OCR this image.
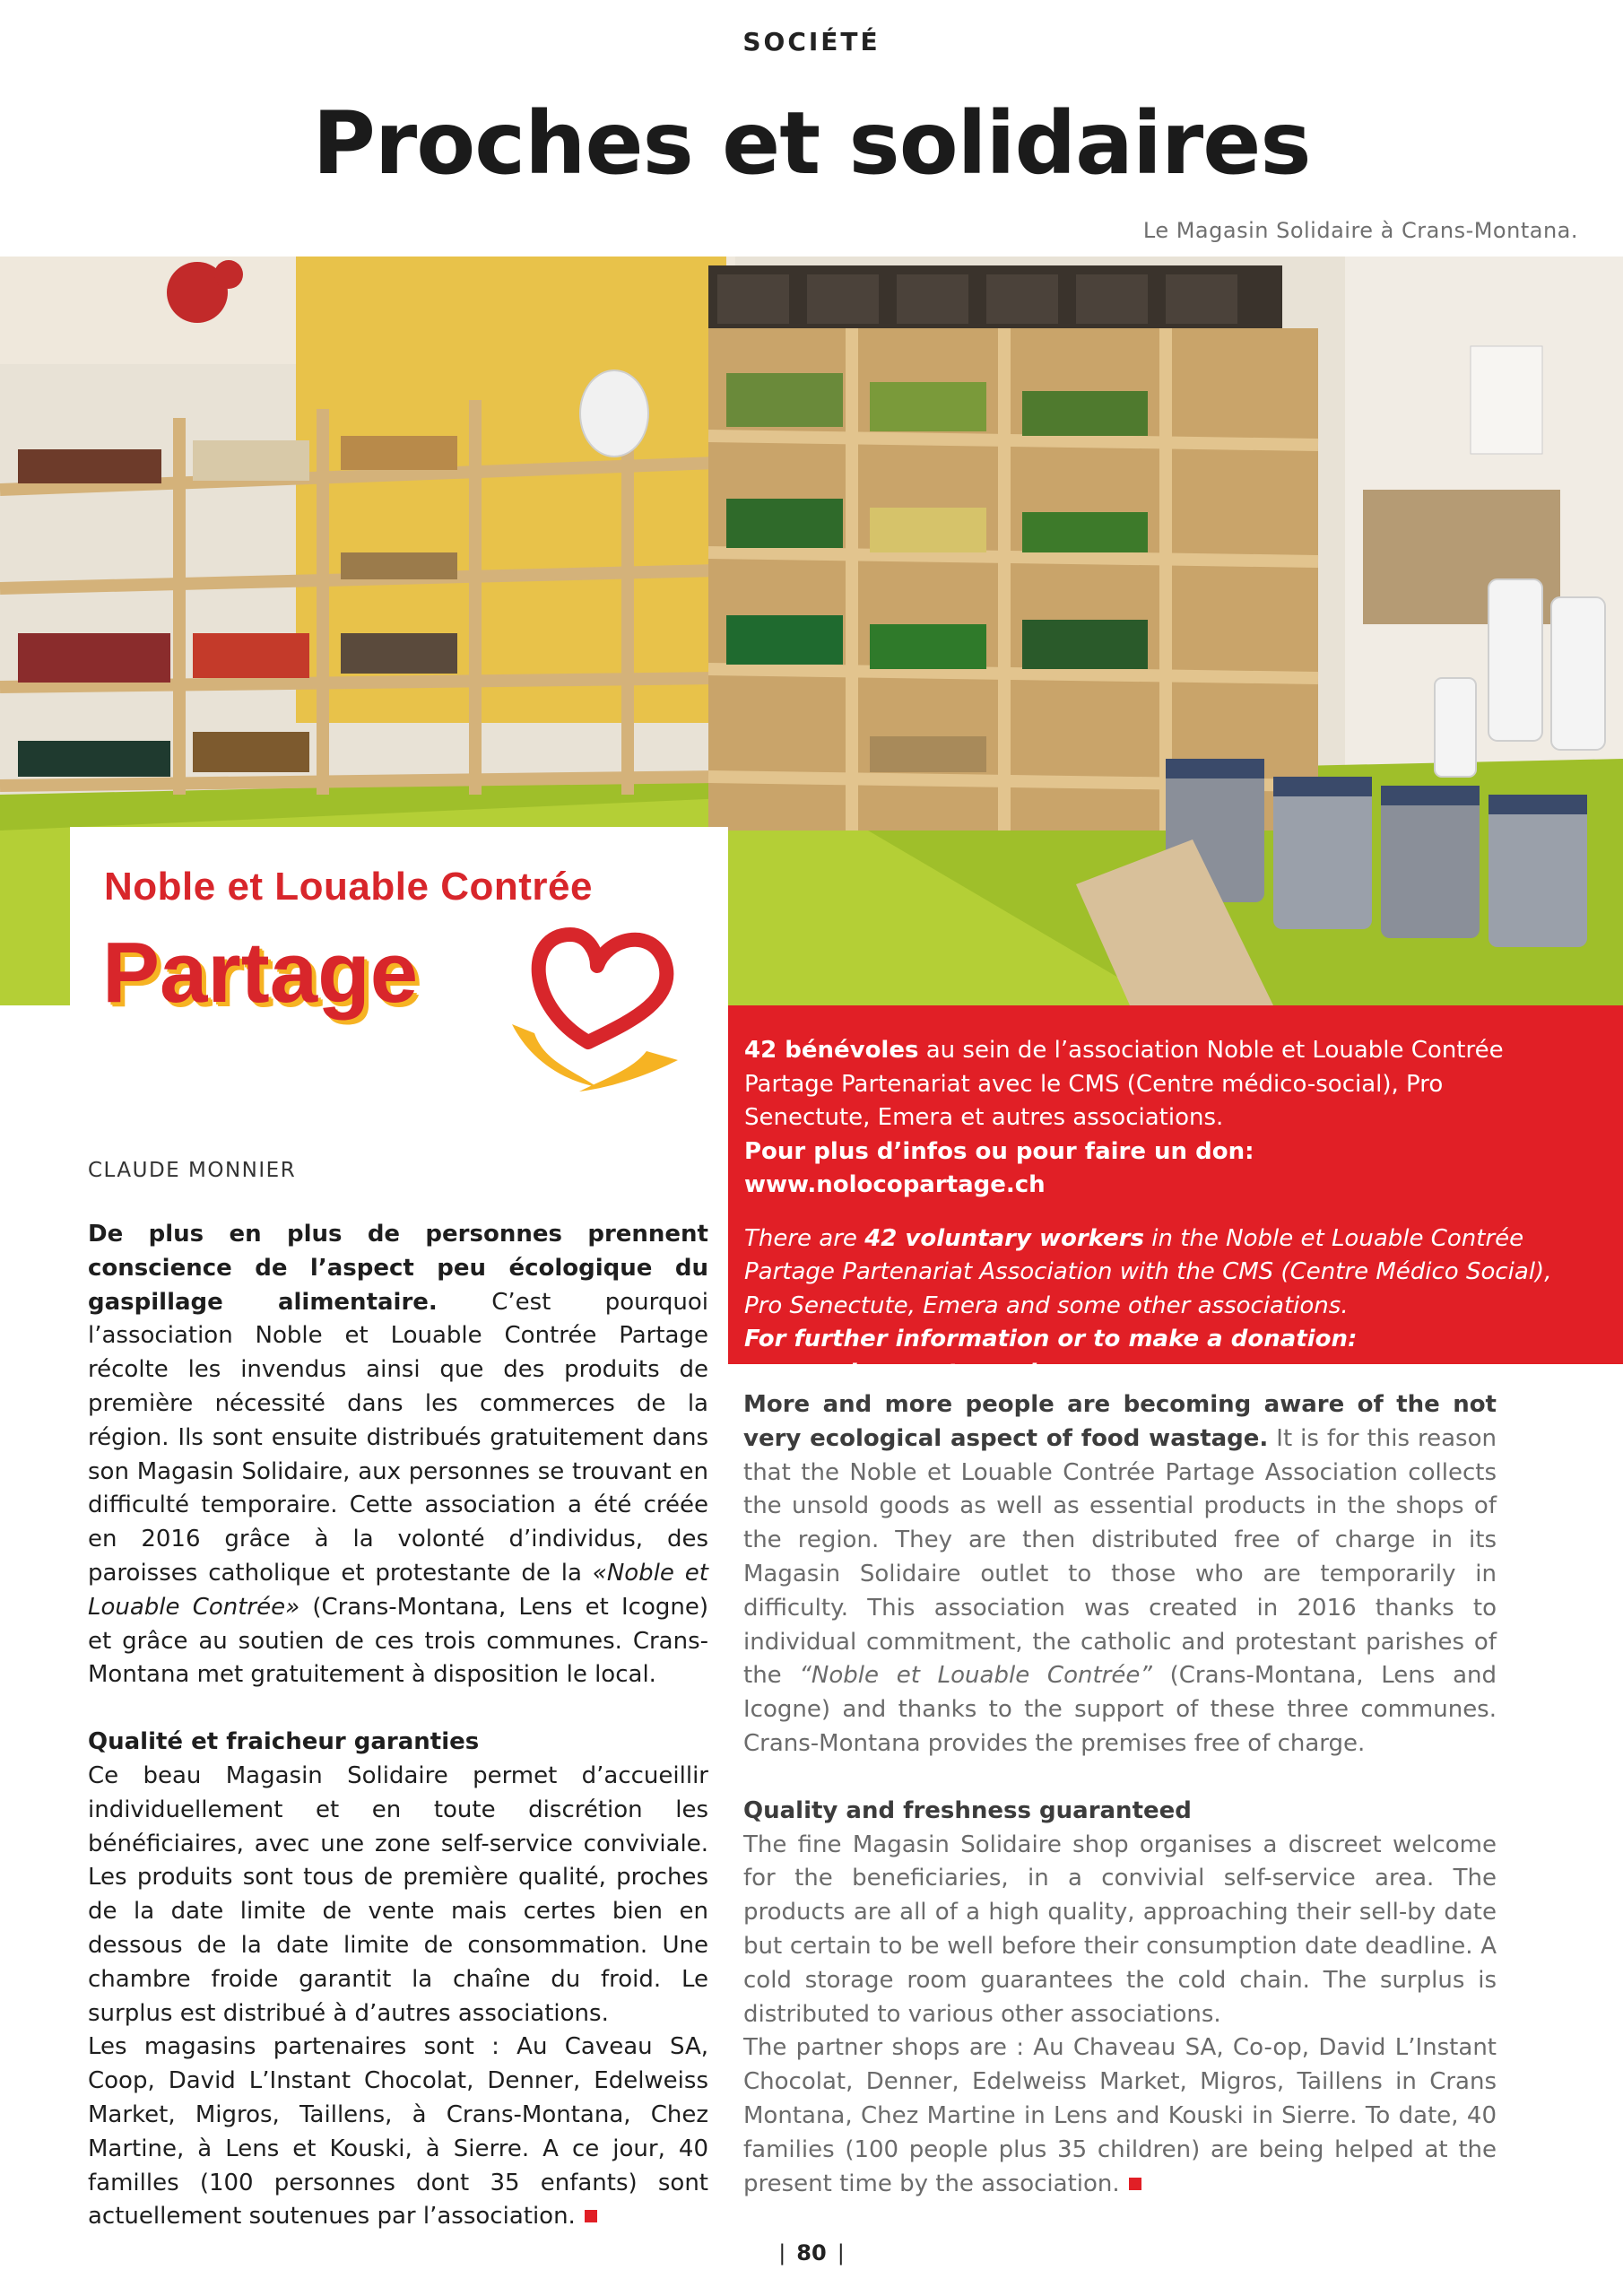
SOCIÉTÉ
Proches et solidaires
Le Magasin Solidaire à Crans-Montana.
Noble et Louable Contrée
Partage
CLAUDE MONNIER

42 bénévoles au sein de l’association Noble et Louable Contrée Partage Partenariat avec le CMS (Centre médico-social), Pro Senectute, Emera et autres associations.

Pour plus d’infos ou pour faire un don: www.nolocopartage.ch

There are 42 voluntary workers in the Noble et Louable Contrée Partage Partenariat Association with the CMS (Centre Médico Social), Pro Senectute, Emera and some other associations.

For further information or to make a donation: www.nolocopartage.ch

De plus en plus de personnes prennent conscience de l’aspect peu écologique du gaspillage alimentaire. C’est pourquoi l’association Noble et Louable Contrée Partage récolte les invendus ainsi que des produits de première nécessité dans les commerces de la région. Ils sont ensuite distribués gratuitement dans son Magasin Solidaire, aux personnes se trouvant en difficulté temporaire. Cette association a été créée en 2016 grâce à la volonté d’individus, des paroisses catholique et protestante de la «Noble et Louable Contrée» (Crans-Montana, Lens et Icogne) et grâce au soutien de ces trois communes. Crans-Montana met gratuitement à disposition le local.

Qualité et fraicheur garanties

Ce beau Magasin Solidaire permet d’accueillir individuellement et en toute discrétion les bénéficiaires, avec une zone self-service conviviale. Les produits sont tous de première qualité, proches de la date limite de vente mais certes bien en dessous de la date limite de consommation. Une chambre froide garantit la chaîne du froid. Le surplus est distribué à d’autres associations.

Les magasins partenaires sont : Au Caveau SA, Coop, David L’Instant Chocolat, Denner, Edelweiss Market, Migros, Taillens, à Crans-Montana, Chez Martine, à Lens et Kouski, à Sierre. A ce jour, 40 familles (100 personnes dont 35 enfants) sont actuellement soutenues par l’association.

More and more people are becoming aware of the not very ecological aspect of food wastage. It is for this reason that the Noble et Louable Contrée Partage Association collects the unsold goods as well as essential products in the shops of the region. They are then distributed free of charge in its Magasin Solidaire outlet to those who are temporarily in difficulty. This association was created in 2016 thanks to individual commitment, the catholic and protestant parishes of the “Noble et Louable Contrée” (Crans-Montana, Lens and Icogne) and thanks to the support of these three communes. Crans-Montana provides the premises free of charge.

Quality and freshness guaranteed

The fine Magasin Solidaire shop organises a discreet welcome for the beneficiaries, in a convivial self-service area. The products are all of a high quality, approaching their sell-by date but certain to be well before their consumption date deadline. A cold storage room guarantees the cold chain. The surplus is distributed to various other associations.

The partner shops are : Au Chaveau SA, Co-op, David L’Instant Chocolat, Denner, Edelweiss Market, Migros, Taillens in Crans Montana, Chez Martine in Lens and Kouski in Sierre. To date, 40 families (100 people plus 35 children) are being helped at the present time by the association.

| 80 |
